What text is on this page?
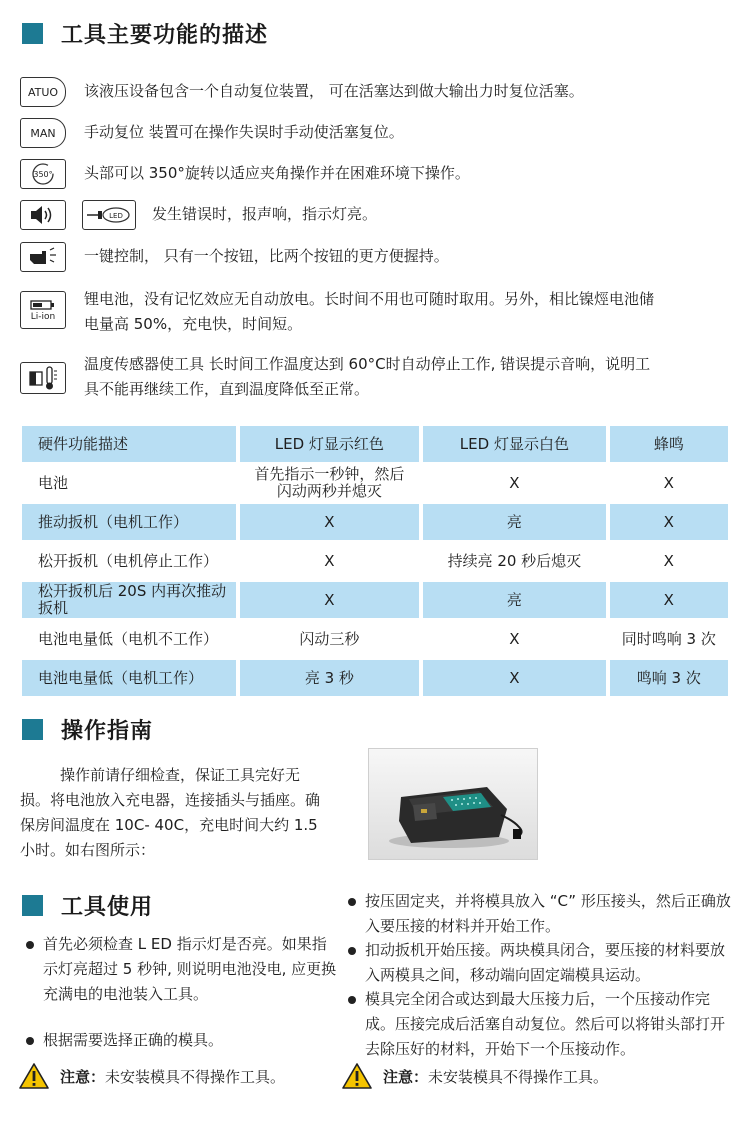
工具主要功能的描述
ATUO 该液压设备包含一个自动复位装置， 可在活塞达到做大输出力时复位活塞。
MAN 手动复位 装置可在操作失误时手动使活塞复位。
350° 头部可以 350°旋转以适应夹角操作并在困难环境下操作。
LED 发生错误时，报声响，指示灯亮。
一键控制， 只有一个按钮，比两个按钮的更方便握持。
Li-ion
锂电池，没有记忆效应无自动放电。长时间不用也可随时取用。另外，相比镍烴电池储电量高 50%，充电快，时间短。
温度传感器使工具 长时间工作温度达到 60°C时自动停止工作, 错误提示音响，说明工具不能再继续工作，直到温度降低至正常。
硬件功能描述	LED 灯显示红色	LED 灯显示白色	蜂鸣
电池	首先指示一秒钟，然后闪动两秒并熄灭	X	X
推动扳机（电机工作）	X	亮	X
松开扳机（电机停止工作）	X	持续亮 20 秒后熄灭	X
松开扳机后 20S 内再次推动扳机	X	亮	X
电池电量低（电机不工作）	闪动三秒	X	同时鸣响 3 次
电池电量低（电机工作）	亮 3 秒	X	鸣响 3 次
操作指南
操作前请仔细检查，保证工具完好无损。将电池放入充电器，连接插头与插座。确保房间温度在 10C- 40C，充电时间大约 1.5 小时。如右图所示：
工具使用
首先必须检查 L ED 指示灯是否亮。如果指示灯亮超过 5 秒钟, 则说明电池没电, 应更换充满电的电池装入工具。
根据需要选择正确的模具。
按压固定夹，并将模具放入 “C” 形压接头，然后正确放入要压接的材料并开始工作。
扣动扳机开始压接。两块模具闭合，要压接的材料要放入两模具之间，移动端向固定端模具运动。
模具完全闭合或达到最大压接力后，一个压接动作完成。压接完成后活塞自动复位。然后可以将钳头部打开去除压好的材料，开始下一个压接动作。
注意： 未安装模具不得操作工具。	注意： 未安装模具不得操作工具。
